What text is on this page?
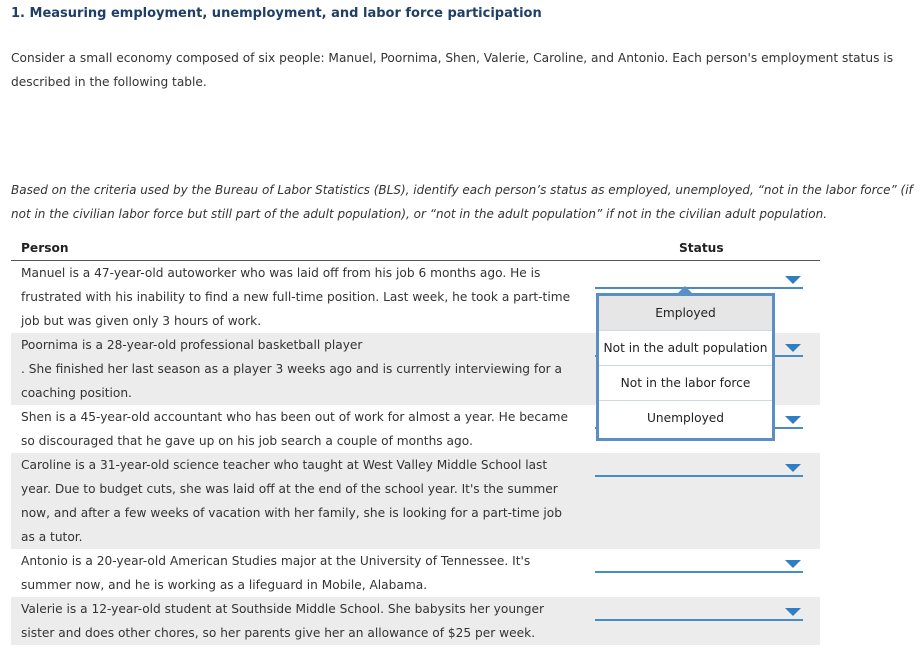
1. Measuring employment, unemployment, and labor force participation
Consider a small economy composed of six people: Manuel, Poornima, Shen, Valerie, Caroline, and Antonio. Each person's employment status is
described in the following table.
Based on the criteria used by the Bureau of Labor Statistics (BLS), identify each person’s status as employed, unemployed, “not in the labor force” (if
not in the civilian labor force but still part of the adult population), or “not in the adult population” if not in the civilian adult population.
Person	Status
Manuel is a 47-year-old autoworker who was laid off from his job 6 months ago. He is
frustrated with his inability to find a new full-time position. Last week, he took a part-time
job but was given only 3 hours of work.
Poornima is a 28-year-old professional basketball player
. She finished her last season as a player 3 weeks ago and is currently interviewing for a
coaching position.
Shen is a 45-year-old accountant who has been out of work for almost a year. He became
so discouraged that he gave up on his job search a couple of months ago.
Caroline is a 31-year-old science teacher who taught at West Valley Middle School last
year. Due to budget cuts, she was laid off at the end of the school year. It's the summer
now, and after a few weeks of vacation with her family, she is looking for a part-time job
as a tutor.
Antonio is a 20-year-old American Studies major at the University of Tennessee. It's
summer now, and he is working as a lifeguard in Mobile, Alabama.
Valerie is a 12-year-old student at Southside Middle School. She babysits her younger
sister and does other chores, so her parents give her an allowance of $25 per week.
Employed
Not in the adult population
Not in the labor force
Unemployed
